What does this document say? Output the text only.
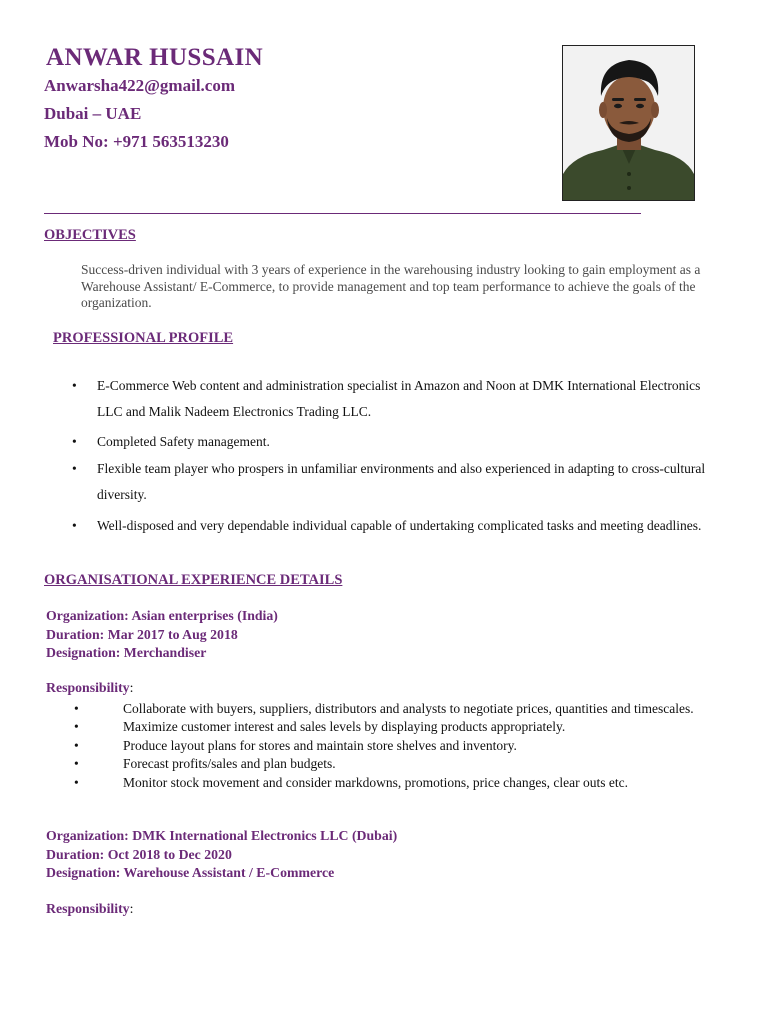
ANWAR HUSSAIN

Anwarsha422@gmail.com

Dubai – UAE

Mob No: +971 563513230

OBJECTIVES

Success-driven individual with 3 years of experience in the warehousing industry looking to gain employment as a Warehouse Assistant/ E-Commerce, to provide management and top team performance to achieve the goals of the organization.

PROFESSIONAL PROFILE
• E-Commerce Web content and administration specialist in Amazon and Noon at DMK International Electronics LLC and Malik Nadeem Electronics Trading LLC.
• Completed Safety management.
• Flexible team player who prospers in unfamiliar environments and also experienced in adapting to cross-cultural diversity.
• Well-disposed and very dependable individual capable of undertaking complicated tasks and meeting deadlines.
ORGANISATIONAL EXPERIENCE DETAILS
Organization: Asian enterprises (India)
Duration: Mar 2017 to Aug 2018
Designation: Merchandiser

Responsibility:

•	Collaborate with buyers, suppliers, distributors and analysts to negotiate prices, quantities and timescales.
•	Maximize customer interest and sales levels by displaying products appropriately.
•	Produce layout plans for stores and maintain store shelves and inventory.
•	Forecast profits/sales and plan budgets.
•	Monitor stock movement and consider markdowns, promotions, price changes, clear outs etc.
Organization: DMK International Electronics LLC (Dubai)
Duration: Oct 2018 to Dec 2020
Designation: Warehouse Assistant / E-Commerce

Responsibility:
